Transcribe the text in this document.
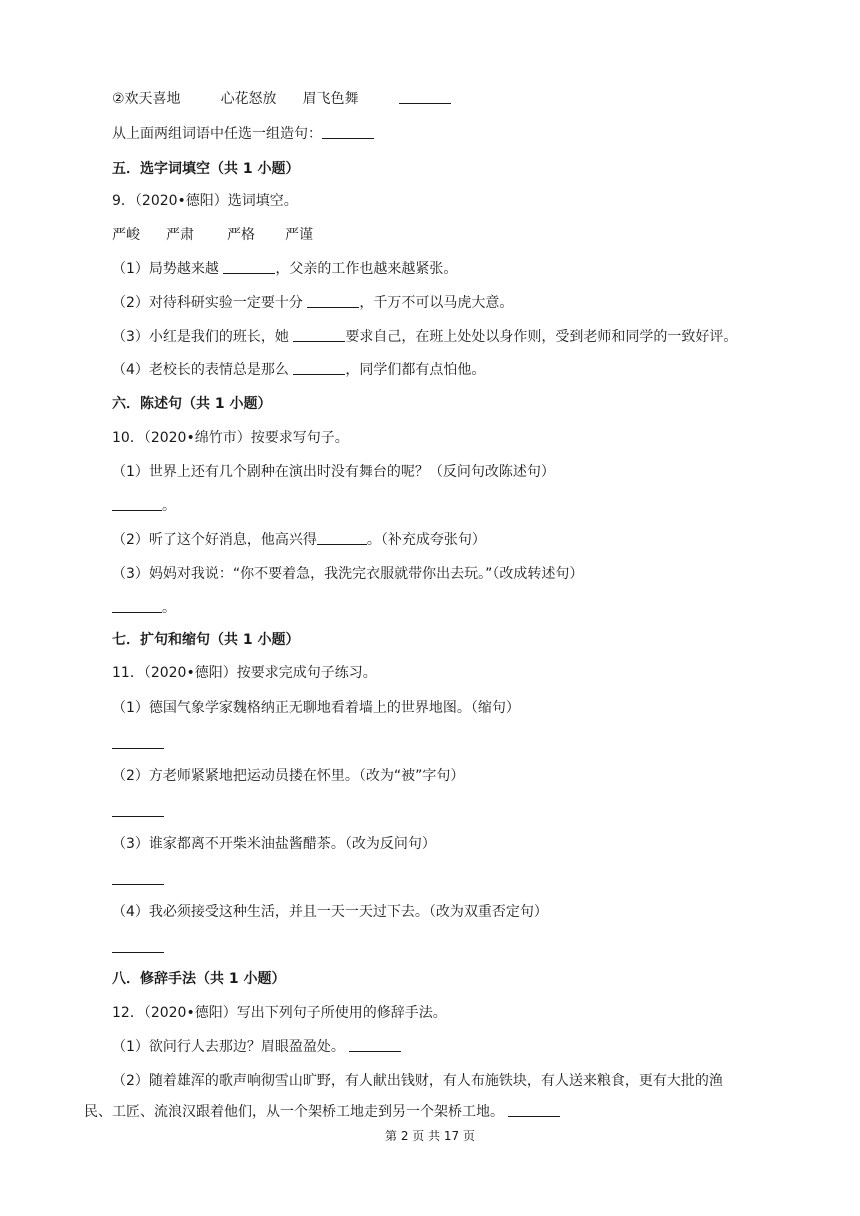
②欢天喜地	心花怒放 眉飞色舞
从上面两组词语中任选一组造句：
五．选字词填空（共 1 小题）
9．（2020•德阳）选词填空。
严峻 严肃 严格 严谨
（1）局势越来越	，父亲的工作也越来越紧张。
（2）对待科研实验一定要十分	，千万不可以马虎大意。
（3）小红是我们的班长，她	要求自己，在班上处处以身作则，受到老师和同学的一致好评。
（4）老校长的表情总是那么	，同学们都有点怕他。
六．陈述句（共 1 小题）
10．（2020•绵竹市）按要求写句子。
（1）世界上还有几个剧种在演出时没有舞台的呢？（反问句改陈述句）
。
（2）听了这个好消息，他高兴得	。（补充成夸张句）
（3）妈妈对我说：“你不要着急，我洗完衣服就带你出去玩。”（改成转述句）
。
七．扩句和缩句（共 1 小题）
11．（2020•德阳）按要求完成句子练习。
（1）德国气象学家魏格纳正无聊地看着墙上的世界地图。（缩句）
（2）方老师紧紧地把运动员搂在怀里。（改为“被”字句）
（3）谁家都离不开柴米油盐酱醋茶。（改为反问句）
（4）我必须接受这种生活，并且一天一天过下去。（改为双重否定句）
八．修辞手法（共 1 小题）
12．（2020•德阳）写出下列句子所使用的修辞手法。
（1）欲问行人去那边？眉眼盈盈处。
（2）随着雄浑的歌声响彻雪山旷野，有人献出钱财，有人布施铁块，有人送来粮食，更有大批的渔
民、工匠、流浪汉跟着他们，从一个架桥工地走到另一个架桥工地。
第 2 页 共 17 页
